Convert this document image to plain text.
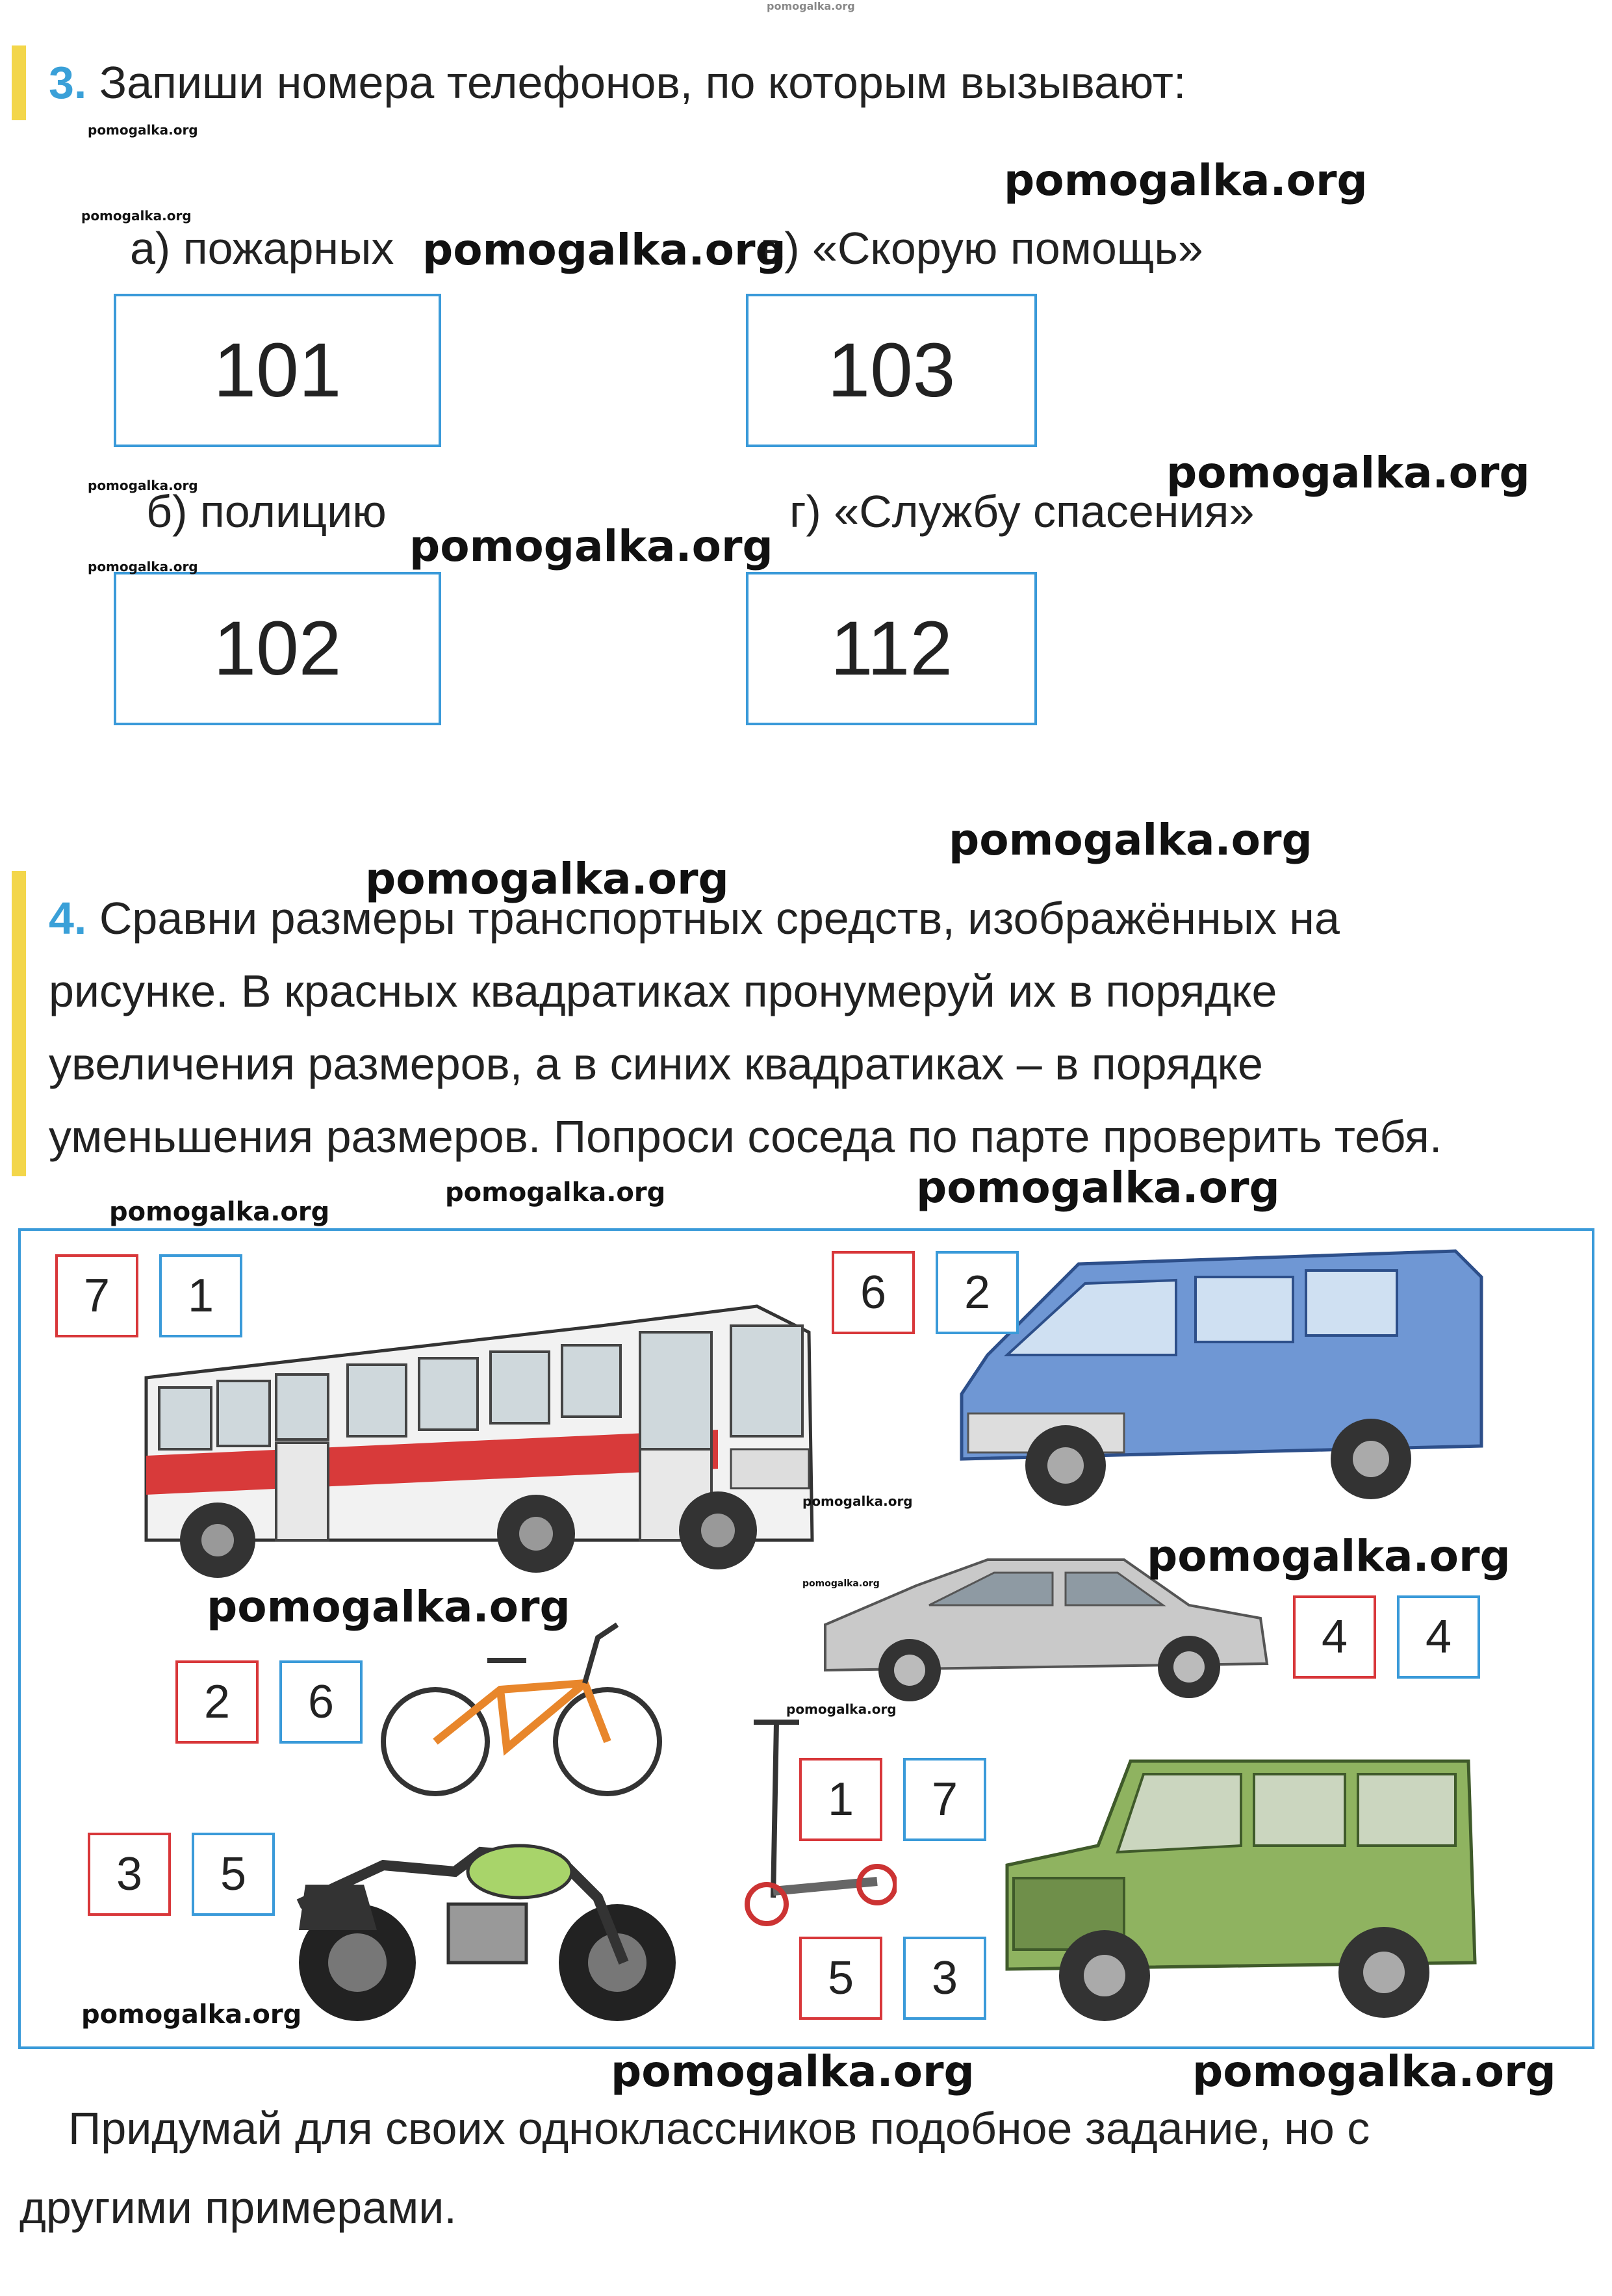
pomogalka.org
3. Запиши номера телефонов, по которым вызывают:
а) пожарных	в) «Скорую помощь»
101	103
б) полицию	г) «Службу спасения»
102	112
4. Сравни размеры транспортных средств, изображённых на
рисунке. В красных квадратиках пронумеруй их в порядке
увеличения размеров, а в синих квадратиках – в порядке
уменьшения размеров. Попроси соседа по парте проверить тебя.
7	1	6	2
4	4
2	6
1	7
3	5
5	3
Придумай для своих одноклассников подобное задание, но с
другими примерами.
pomogalka.org
pomogalka.org
pomogalka.org
pomogalka.org
pomogalka.org	pomogalka.org
pomogalka.org
pomogalka.org
pomogalka.org
pomogalka.org
pomogalka.org
pomogalka.org	pomogalka.org
pomogalka.org
pomogalka.org
pomogalka.org
pomogalka.org
pomogalka.org
pomogalka.org
pomogalka.org	pomogalka.org
